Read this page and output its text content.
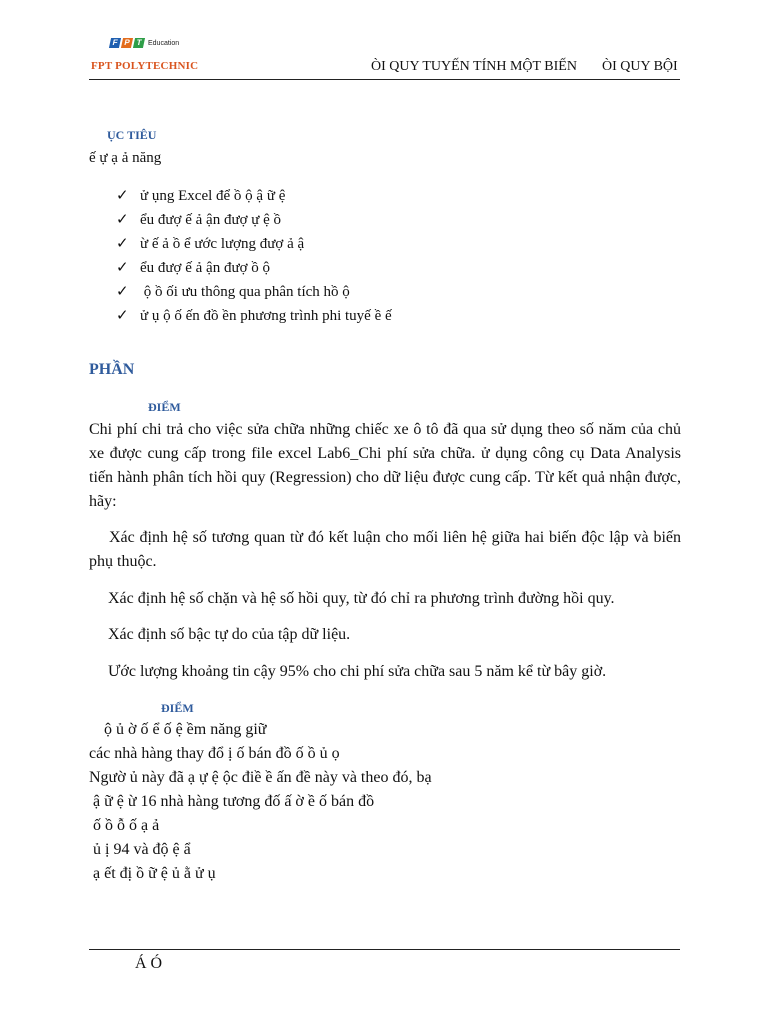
F P T Education
FPT POLYTECHNIC	ÒI QUY TUYẾN TÍNH MỘT BIẾN ÒI QUY BỘI
ỤC TIÊU
ế ự ạ ả năng
✓ ử ụng Excel để ồ ộ ậ ữ ệ
✓ ểu đượ ế ả ận đượ ự ệ ồ
✓ ừ ế ả ồ ể ước lượng đượ ả ậ
✓ ểu đượ ế ả ận đượ ồ ộ
✓ ộ ồ ối ưu thông qua phân tích hồ ộ
✓ ử ụ ộ ố ến đồ ền phương trình phi tuyế ề ế
PHẦN
ĐIỂM
Chi phí chi trả cho việc sửa chữa những chiếc xe ô tô đã qua sử dụng theo số năm của chủ xe được cung cấp trong file excel Lab6_Chi phí sửa chữa. ử dụng công cụ Data Analysis tiến hành phân tích hồi quy (Regression) cho dữ liệu được cung cấp. Từ kết quả nhận được, hãy:
Xác định hệ số tương quan từ đó kết luận cho mối liên hệ giữa hai biến độc lập và biến phụ thuộc.
Xác định hệ số chặn và hệ số hồi quy, từ đó chỉ ra phương trình đường hồi quy.
Xác định số bậc tự do của tập dữ liệu.
Ước lượng khoảng tin cậy 95% cho chi phí sửa chữa sau 5 năm kể từ bây giờ.
ĐIỂM
ộ ủ ờ ố ể ố ệ ềm năng giữ
các nhà hàng thay đổ ị ố bán đồ ố ồ ủ ọ
Ngườ ủ này đã ạ ự ệ ộc điề ề ấn đề này và theo đó, bạ
ậ ữ ệ ừ 16 nhà hàng tương đố ấ ờ ề ố bán đồ
ố ồ ỗ ố ạ ả
ủ ị 94 và độ ệ ẩ
ạ ết đị ồ ữ ệ ủ ằ ử ụ
Á Ó
